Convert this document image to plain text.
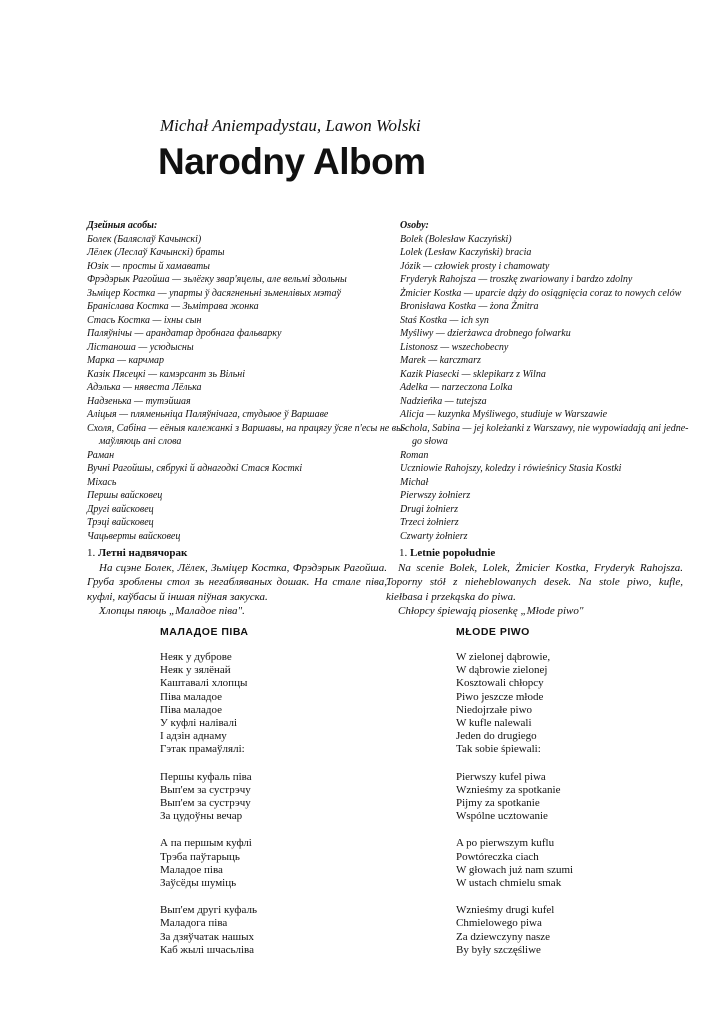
Michał Aniempadystau, Lawon Wolski
Narodny Albom
Дзейныя асобы:
Болек (Баляслаў Качынскі)
Лёлек (Леслаў Качынскі) браты
Юзік — просты й хамаваты
Фрэдэрык Рагойша — зьлёгку звар'яцелы, але вельмі здольны
Зьміцер Костка — упарты ў дасягненьні зьменлівых мэтаў
Браніслава Костка — Зьмітрава жонка
Стась Костка — іхны сын
Паляўнічы — арандатар дробнага фальварку
Лістаноша — усюдысны
Марка — карчмар
Казік Пясецкі — камэрсант зь Вільні
Адэлька — нявеста Лёлька
Надзенька — тутэйшая
Аліцыя — пляменьніца Паляўнічага, студыюе ў Варшаве
Схоля, Сабіна — еёныя калежанкі з Варшавы, на працягу ўсяе п'есы не вы-
маўляюць ані слова
Раман
Вучні Рагойшы, сябрукі й аднагодкі Стася Косткі
Міхась
Першы вайсковец
Другі вайсковец
Трэці вайсковец
Чацьверты вайсковец
Osoby:
Bolek (Bolesław Kaczyński)
Lolek (Lesław Kaczyński) bracia
Józik — człowiek prosty i chamowaty
Fryderyk Rahojsza — troszkę zwariowany i bardzo zdolny
Żmicier Kostka — uparcie dąży do osiągnięcia coraz to nowych celów
Bronisława Kostka — żona Żmitra
Staś Kostka — ich syn
Myśliwy — dzierżawca drobnego folwarku
Listonosz — wszechobecny
Marek — karczmarz
Kazik Piasecki — sklepikarz z Wilna
Adelka — narzeczona Lolka
Nadzieńka — tutejsza
Alicja — kuzynka Myśliwego, studiuje w Warszawie
Schola, Sabina — jej koleżanki z Warszawy, nie wypowiadają ani jedne-
go słowa
Roman
Uczniowie Rahojszy, koledzy i rówieśnicy Stasia Kostki
Michał
Pierwszy żołnierz
Drugi żołnierz
Trzeci żołnierz
Czwarty żołnierz
1. Летні надвячорак
На сцэне Болек, Лёлек, Зьміцер Костка, Фрэдэрык Рагойша. Груба зроблены стол зь негабляваных дошак. На стале піва, куфлі, каўбасы й іншая піўная закуска.
Хлопцы пяюць „Маладое піва".
1. Letnie popołudnie
Na scenie Bolek, Lolek, Żmicier Kostka, Fryderyk Rahojsza. Toporny stół z nieheblowanych desek. Na stole piwo, kufle, kiełbasa i przekąska do piwa.
Chłopcy śpiewają piosenkę „Młode piwo"
МАЛАДОЕ ПІВА	MŁODE PIWO
Неяк у дуброве
Неяк у зялёнай
Каштавалі хлопцы
Піва маладое
Піва маладое
У куфлі налівалі
І адзін аднаму
Гэтак прамаўлялі:
Першы куфаль піва
Вып'ем за сустрэчу
Вып'ем за сустрэчу
За цудоўны вечар
А па першым куфлі
Трэба паўтарыць
Маладое піва
Заўсёды шуміць
Вып'ем другі куфаль
Маладога піва
За дзяўчатак нашых
Каб жылі шчасьліва
W zielonej dąbrowie,
W dąbrowie zielonej
Kosztowali chłopcy
Piwo jeszcze młode
Niedojrzałe piwo
W kufle nalewali
Jeden do drugiego
Tak sobie śpiewali:
Pierwszy kufel piwa
Wznieśmy za spotkanie
Pijmy za spotkanie
Wspólne ucztowanie
A po pierwszym kuflu
Powtóreczka ciach
W głowach już nam szumi
W ustach chmielu smak
Wznieśmy drugi kufel
Chmielowego piwa
Za dziewczyny nasze
By były szczęśliwe
